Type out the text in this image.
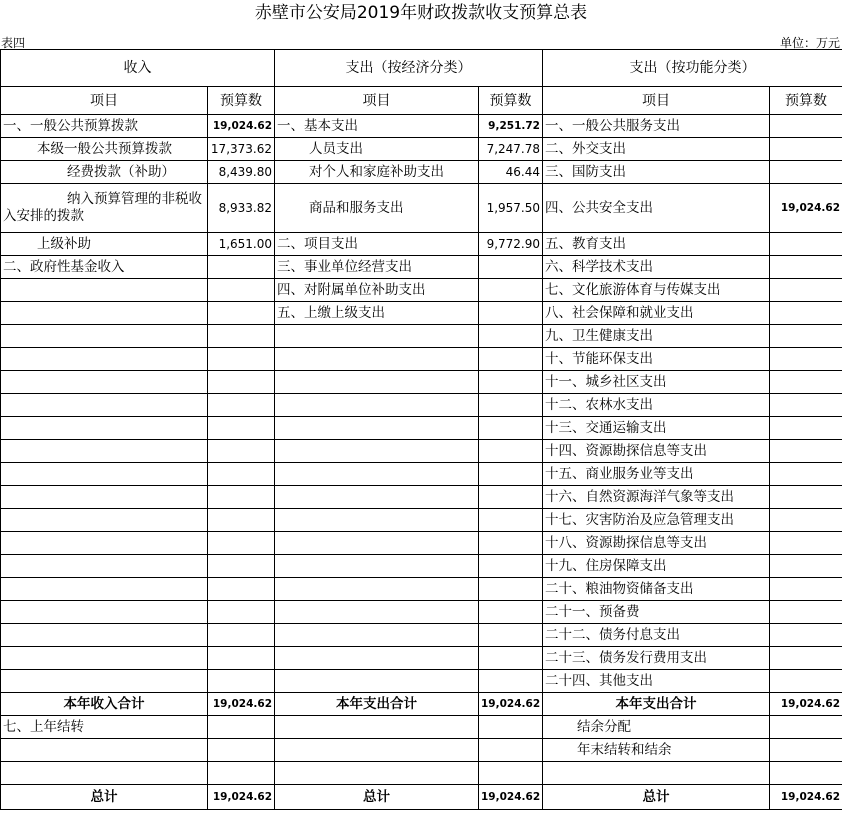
赤壁市公安局2019年财政拨款收支预算总表
表四	单位：万元
收入		支出（按经济分类）		支出（按功能分类）	
项目	预算数	项目	预算数	项目	预算数
一、一般公共预算拨款	19,024.62	一、基本支出	9,251.72	一、一般公共服务支出	
本级一般公共预算拨款	17,373.62	人员支出	7,247.78	二、外交支出	
经费拨款（补助）	8,439.80	对个人和家庭补助支出	46.44	三、国防支出	
纳入预算管理的非税收入安排的拨款	8,933.82	商品和服务支出	1,957.50	四、公共安全支出	19,024.62
上级补助	1,651.00	二、项目支出	9,772.90	五、教育支出	
二、政府性基金收入		三、事业单位经营支出		六、科学技术支出	
		四、对附属单位补助支出		七、文化旅游体育与传媒支出	
		五、上缴上级支出		八、社会保障和就业支出	
				九、卫生健康支出	
				十、节能环保支出	
				十一、城乡社区支出	
				十二、农林水支出	
				十三、交通运输支出	
				十四、资源勘探信息等支出	
				十五、商业服务业等支出	
				十六、自然资源海洋气象等支出	
				十七、灾害防治及应急管理支出	
				十八、资源勘探信息等支出	
				十九、住房保障支出	
				二十、粮油物资储备支出	
				二十一、预备费	
				二十二、债务付息支出	
				二十三、债务发行费用支出	
				二十四、其他支出	
本年收入合计	19,024.62	本年支出合计	19,024.62	本年支出合计	19,024.62
七、上年结转				结余分配	
				年末结转和结余	

总计	19,024.62	总计	19,024.62	总计	19,024.62
